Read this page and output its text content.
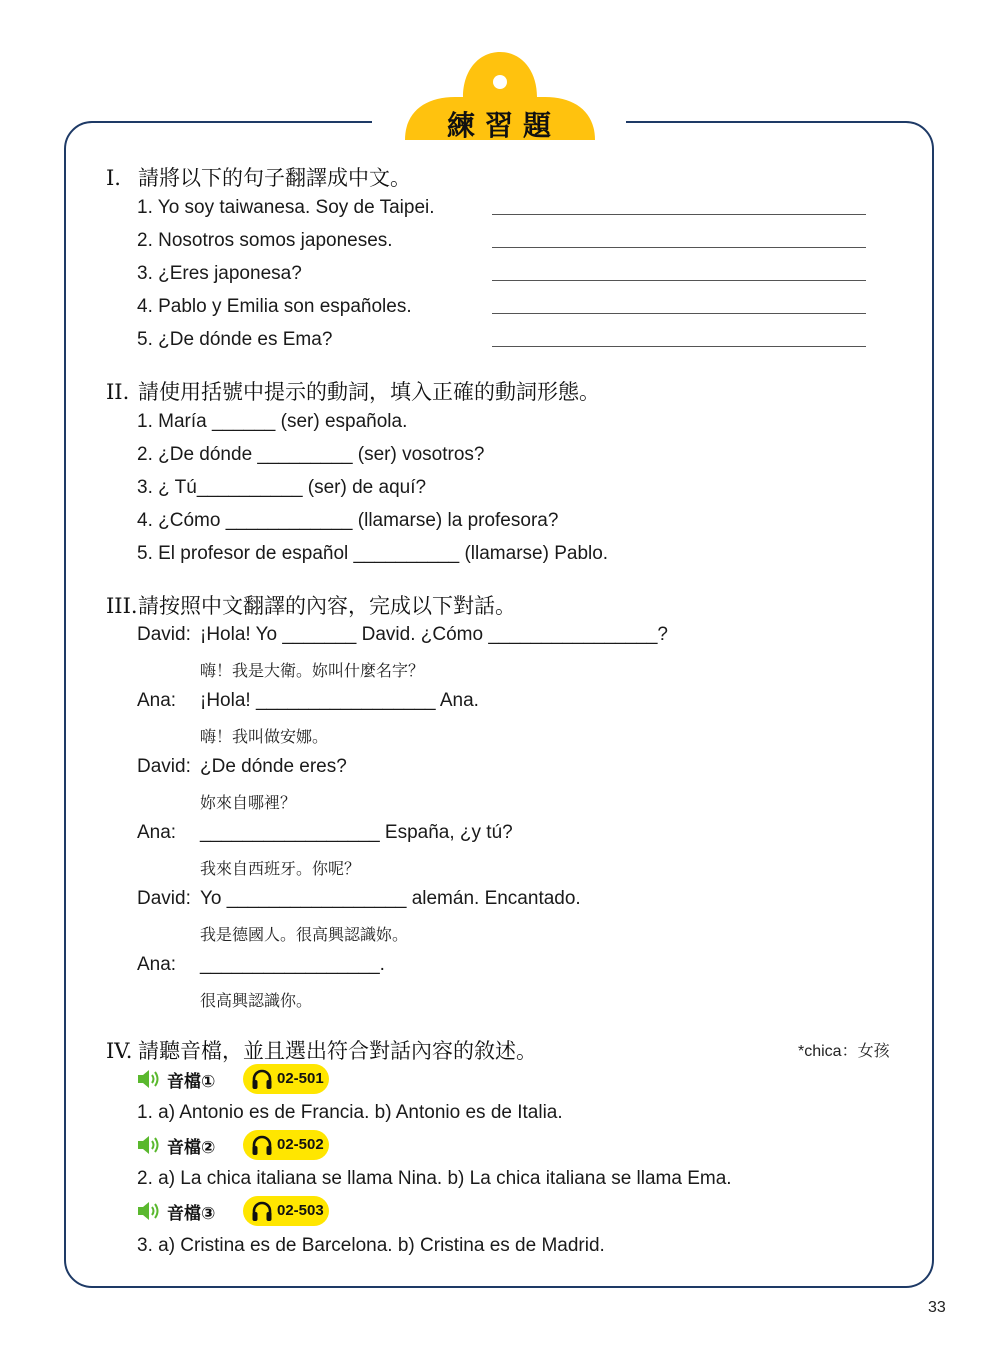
練習題
I. 請將以下的句子翻譯成中文。
1. Yo soy taiwanesa. Soy de Taipei.
2. Nosotros somos japoneses.
3. ¿Eres japonesa?
4. Pablo y Emilia son españoles.
5. ¿De dónde es Ema?
II. 請使用括號中提示的動詞，填入正確的動詞形態。
1. María ______ (ser) española.
2. ¿De dónde _________ (ser) vosotros?
3. ¿ Tú__________ (ser) de aquí?
4. ¿Cómo ____________ (llamarse) la profesora?
5. El profesor de español __________ (llamarse) Pablo.
III.請按照中文翻譯的內容，完成以下對話。
David: ¡Hola! Yo _______ David. ¿Cómo ________________?
嗨！我是大衛。妳叫什麼名字？
Ana: ¡Hola! _________________ Ana.
嗨！我叫做安娜。
David: ¿De dónde eres?
妳來自哪裡？
Ana: _________________ España, ¿y tú?
我來自西班牙。你呢？
David: Yo _________________ alemán. Encantado.
我是德國人。很高興認識妳。
Ana: _________________.
很高興認識你。
IV. 請聽音檔，並且選出符合對話內容的敘述。	*chica：女孩
音檔①	02-501
1. a) Antonio es de Francia. b) Antonio es de Italia.
音檔②	02-502
2. a) La chica italiana se llama Nina. b) La chica italiana se llama Ema.
音檔③	02-503
3. a) Cristina es de Barcelona. b) Cristina es de Madrid.
33
